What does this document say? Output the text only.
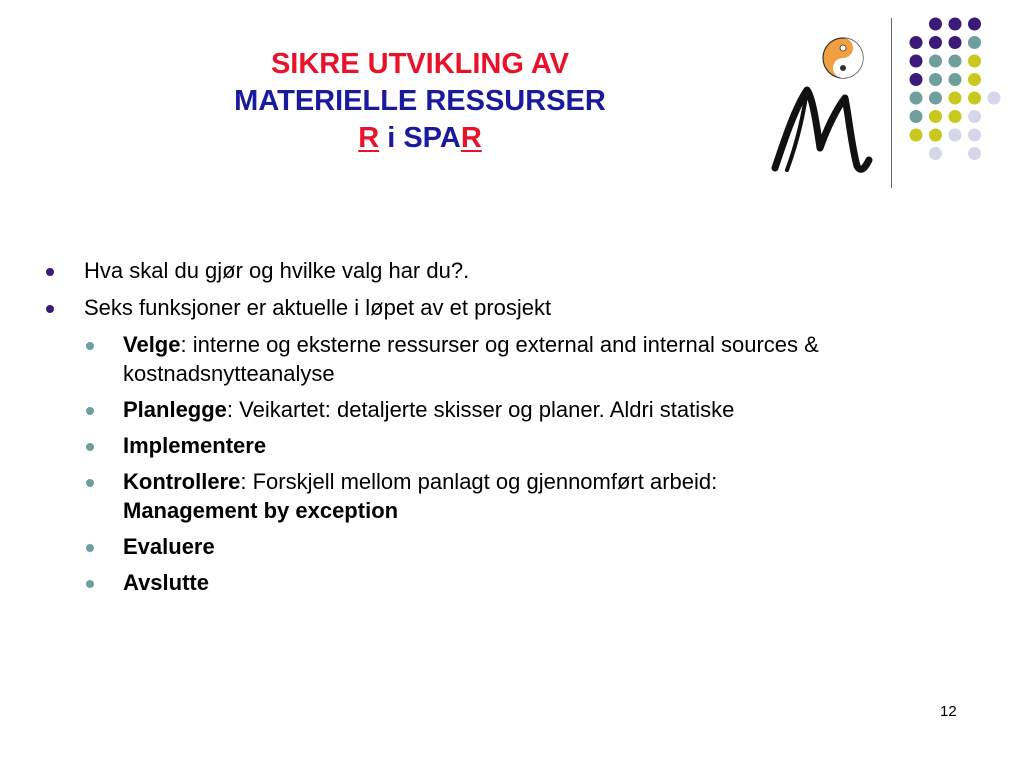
SIKRE UTVIKLING AV
MATERIELLE RESSURSER
R i SPAR
Hva skal du gjør og hvilke valg har du?.
Seks funksjoner er aktuelle i løpet av et prosjekt
Velge: interne og eksterne ressurser og external and internal sources & kostnadsnytteanalyse
Planlegge: Veikartet: detaljerte skisser og planer. Aldri statiske
Implementere
Kontrollere: Forskjell mellom panlagt og gjennomført arbeid:
Management by exception
Evaluere
Avslutte
12
